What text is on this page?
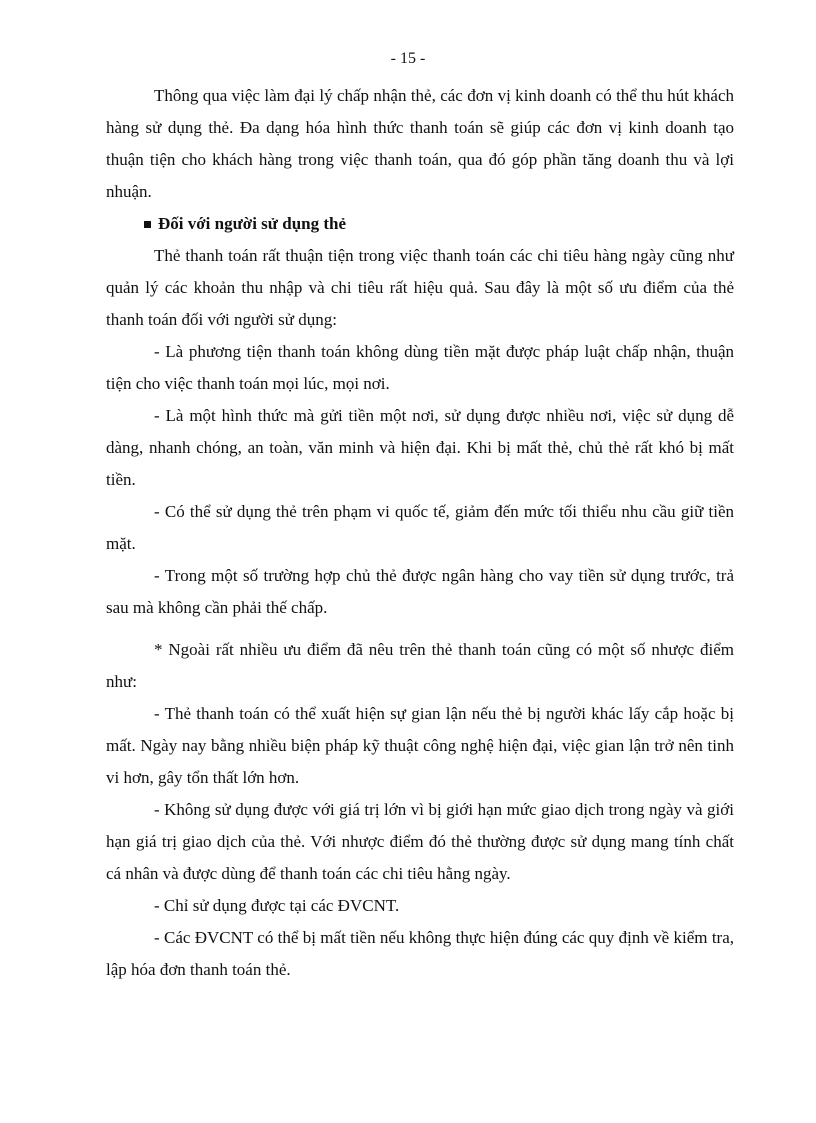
- 15 -

Thông qua việc làm đại lý chấp nhận thẻ, các đơn vị kinh doanh có thể thu hút khách hàng sử dụng thẻ. Đa dạng hóa hình thức thanh toán sẽ giúp các đơn vị kinh doanh tạo thuận tiện cho khách hàng trong việc thanh toán, qua đó góp phần tăng doanh thu và lợi nhuận.

Đối với người sử dụng thẻ

Thẻ thanh toán rất thuận tiện trong việc thanh toán các chi tiêu hàng ngày cũng như quản lý các khoản thu nhập và chi tiêu rất hiệu quả. Sau đây là một số ưu điểm của thẻ thanh toán đối với người sử dụng:

- Là phương tiện thanh toán không dùng tiền mặt được pháp luật chấp nhận, thuận tiện cho việc thanh toán mọi lúc, mọi nơi.

- Là một hình thức mà gửi tiền một nơi, sử dụng được nhiều nơi, việc sử dụng dễ dàng, nhanh chóng, an toàn, văn minh và hiện đại. Khi bị mất thẻ, chủ thẻ rất khó bị mất tiền.

- Có thể sử dụng thẻ trên phạm vi quốc tế, giảm đến mức tối thiểu nhu cầu giữ tiền mặt.

- Trong một số trường hợp chủ thẻ được ngân hàng cho vay tiền sử dụng trước, trả sau mà không cần phải thế chấp.

* Ngoài rất nhiều ưu điểm đã nêu trên thẻ thanh toán cũng có một số nhược điểm như:

- Thẻ thanh toán có thể xuất hiện sự gian lận nếu thẻ bị người khác lấy cắp hoặc bị mất. Ngày nay bằng nhiều biện pháp kỹ thuật công nghệ hiện đại, việc gian lận trở nên tinh vi hơn, gây tổn thất lớn hơn.

- Không sử dụng được với giá trị lớn vì bị giới hạn mức giao dịch trong ngày và giới hạn giá trị giao dịch của thẻ. Với nhược điểm đó thẻ thường được sử dụng mang tính chất cá nhân và được dùng để thanh toán các chi tiêu hằng ngày.

- Chỉ sử dụng được tại các ĐVCNT.

- Các ĐVCNT có thể bị mất tiền nếu không thực hiện đúng các quy định về kiểm tra, lập hóa đơn thanh toán thẻ.
